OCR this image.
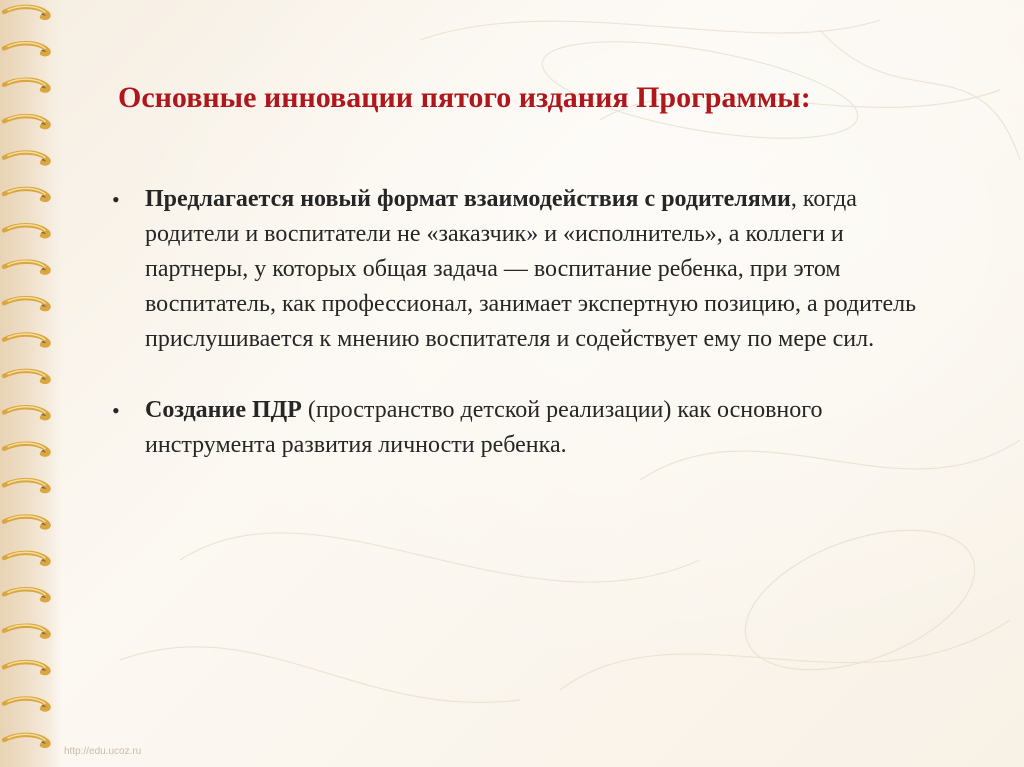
Основные инновации пятого издания Программы:
• Предлагается новый формат взаимодействия с родителями, когда родители и воспитатели не «заказчик» и «исполнитель», а коллеги и партнеры, у которых общая задача — воспитание ребенка, при этом воспитатель, как профессионал, занимает экспертную позицию, а родитель прислушивается к мнению воспитателя и содействует ему по мере сил.
• Создание ПДР (пространство детской реализации) как основного инструмента развития личности ребенка.
http://edu.ucoz.ru
